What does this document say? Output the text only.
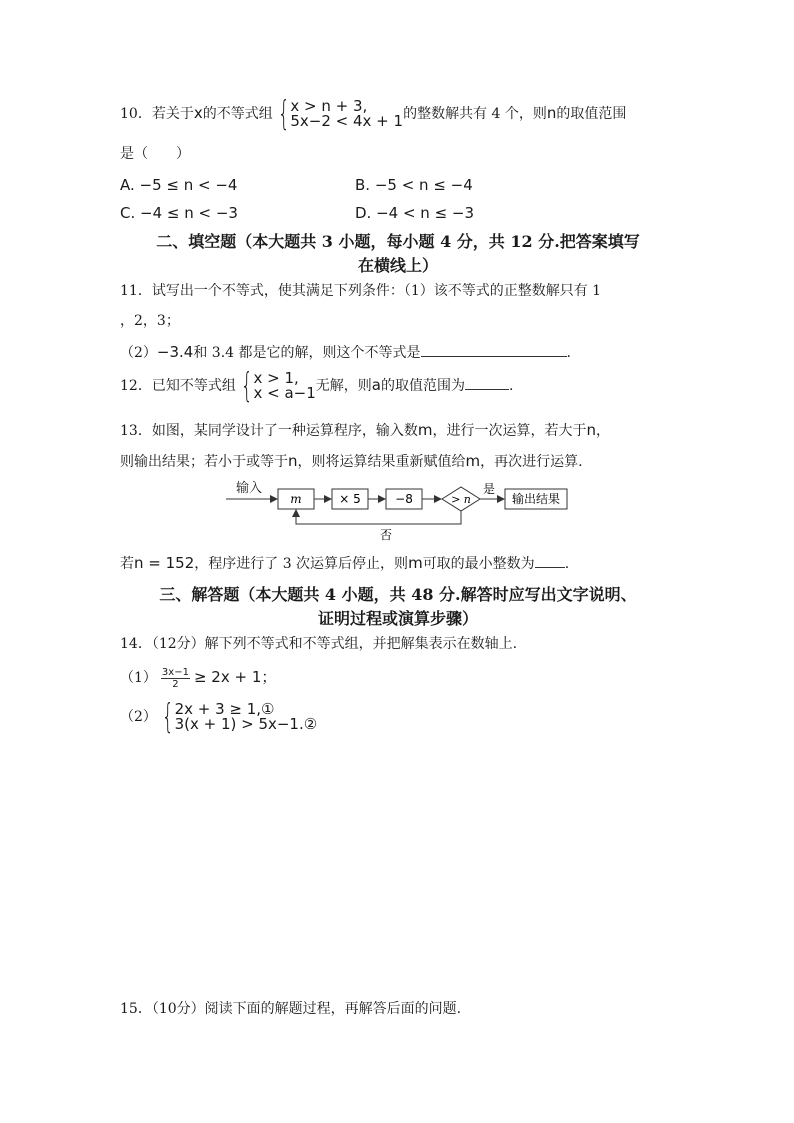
10．若关于x的不等式组 { x > n + 3,
5x−2 < 4x + 1 的整数解共有 4 个，则n的取值范围
是（　　）
A. −5 ≤ n < −4	B. −5 < n ≤ −4
C. −4 ≤ n < −3	D. −4 < n ≤ −3
二、填空题（本大题共 3 小题，每小题 4 分，共 12 分.把答案填写
在横线上）
11．试写出一个不等式，使其满足下列条件：（1）该不等式的正整数解只有 1
，2，3；
（2）−3.4和 3.4 都是它的解，则这个不等式是	.
12．已知不等式组 { x > 1,
x < a−1 无解，则a的取值范围为	.
13．如图，某同学设计了一种运算程序，输入数m，进行一次运算，若大于n，
则输出结果；若小于或等于n，则将运算结果重新赋值给m，再次进行运算.
输入
m	× 5	−8	> n
是
输出结果
否
若n = 152，程序进行了 3 次运算后停止，则m可取的最小整数为 .
三、解答题（本大题共 4 小题，共 48 分.解答时应写出文字说明、
证明过程或演算步骤）
14．（12分）解下列不等式和不等式组，并把解集表示在数轴上.
$(1) \frac{3x-1}{2} \ge 2x + 1$；
（2） { 2x + 3 ≥ 1,①
3(x + 1) > 5x−1.②
15．（10分）阅读下面的解题过程，再解答后面的问题.
